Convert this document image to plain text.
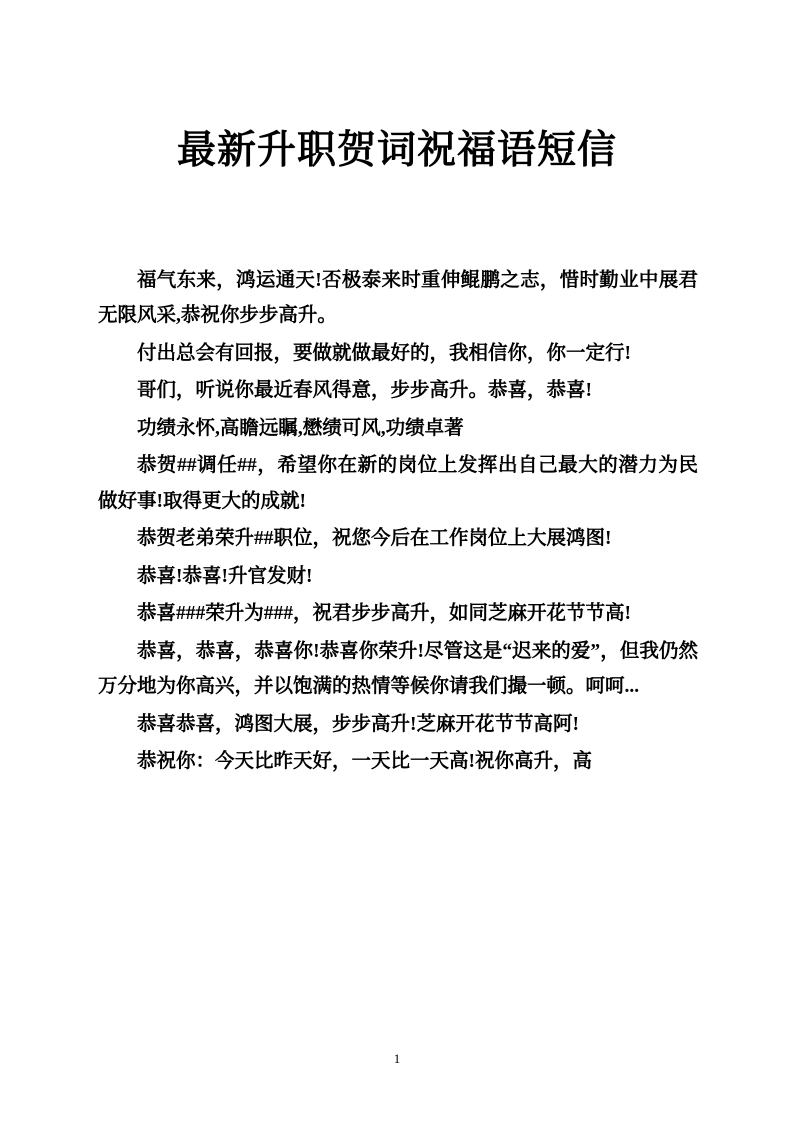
最新升职贺词祝福语短信

福气东来，鸿运通天!否极泰来时重伸鲲鹏之志，惜时勤业中展君无限风采,恭祝你步步高升。

付出总会有回报，要做就做最好的，我相信你，你一定行!

哥们，听说你最近春风得意，步步高升。恭喜，恭喜!

功绩永怀,高瞻远瞩,懋绩可风,功绩卓著

恭贺##调任##，希望你在新的岗位上发挥出自己最大的潜力为民做好事!取得更大的成就!

恭贺老弟荣升##职位，祝您今后在工作岗位上大展鸿图!

恭喜!恭喜!升官发财!

恭喜###荣升为###，祝君步步高升，如同芝麻开花节节高!

恭喜，恭喜，恭喜你!恭喜你荣升!尽管这是“迟来的爱”，但我仍然万分地为你高兴，并以饱满的热情等候你请我们撮一顿。呵呵...

恭喜恭喜，鸿图大展，步步高升!芝麻开花节节高阿!

恭祝你：今天比昨天好，一天比一天高!祝你高升，高

1
